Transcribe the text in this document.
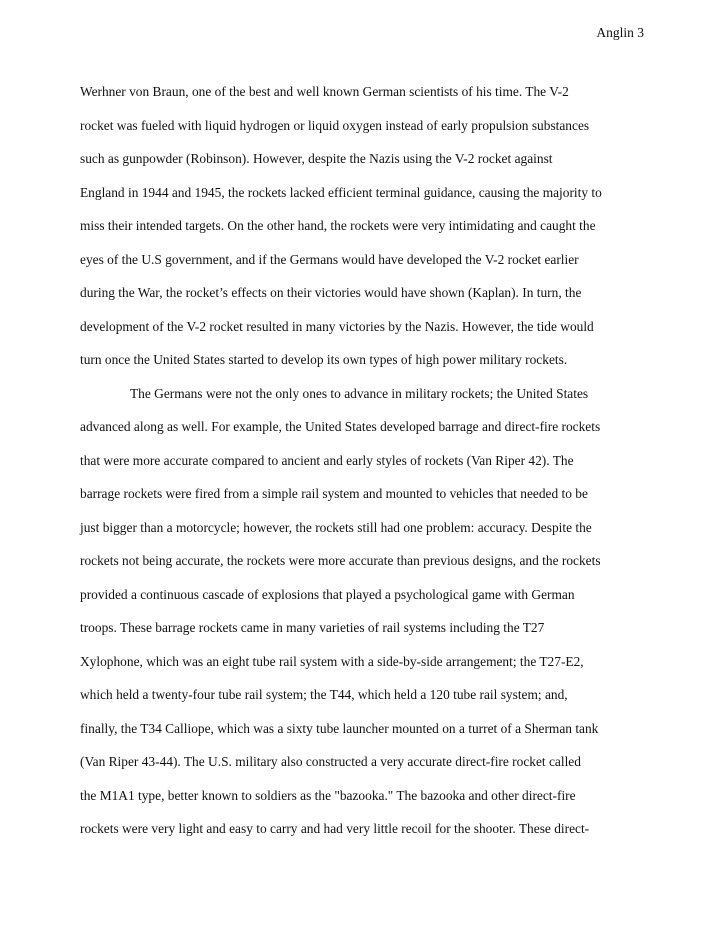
Anglin 3
Werhner von Braun, one of the best and well known German scientists of his time. The V-2
rocket was fueled with liquid hydrogen or liquid oxygen instead of early propulsion substances
such as gunpowder (Robinson). However, despite the Nazis using the V-2 rocket against
England in 1944 and 1945, the rockets lacked efficient terminal guidance, causing the majority to
miss their intended targets. On the other hand, the rockets were very intimidating and caught the
eyes of the U.S government, and if the Germans would have developed the V-2 rocket earlier
during the War, the rocket’s effects on their victories would have shown (Kaplan). In turn, the
development of the V-2 rocket resulted in many victories by the Nazis. However, the tide would
turn once the United States started to develop its own types of high power military rockets.
The Germans were not the only ones to advance in military rockets; the United States
advanced along as well. For example, the United States developed barrage and direct-fire rockets
that were more accurate compared to ancient and early styles of rockets (Van Riper 42). The
barrage rockets were fired from a simple rail system and mounted to vehicles that needed to be
just bigger than a motorcycle; however, the rockets still had one problem: accuracy. Despite the
rockets not being accurate, the rockets were more accurate than previous designs, and the rockets
provided a continuous cascade of explosions that played a psychological game with German
troops. These barrage rockets came in many varieties of rail systems including the T27
Xylophone, which was an eight tube rail system with a side-by-side arrangement; the T27-E2,
which held a twenty-four tube rail system; the T44, which held a 120 tube rail system; and,
finally, the T34 Calliope, which was a sixty tube launcher mounted on a turret of a Sherman tank
(Van Riper 43-44). The U.S. military also constructed a very accurate direct-fire rocket called
the M1A1 type, better known to soldiers as the "bazooka." The bazooka and other direct-fire
rockets were very light and easy to carry and had very little recoil for the shooter. These direct-
